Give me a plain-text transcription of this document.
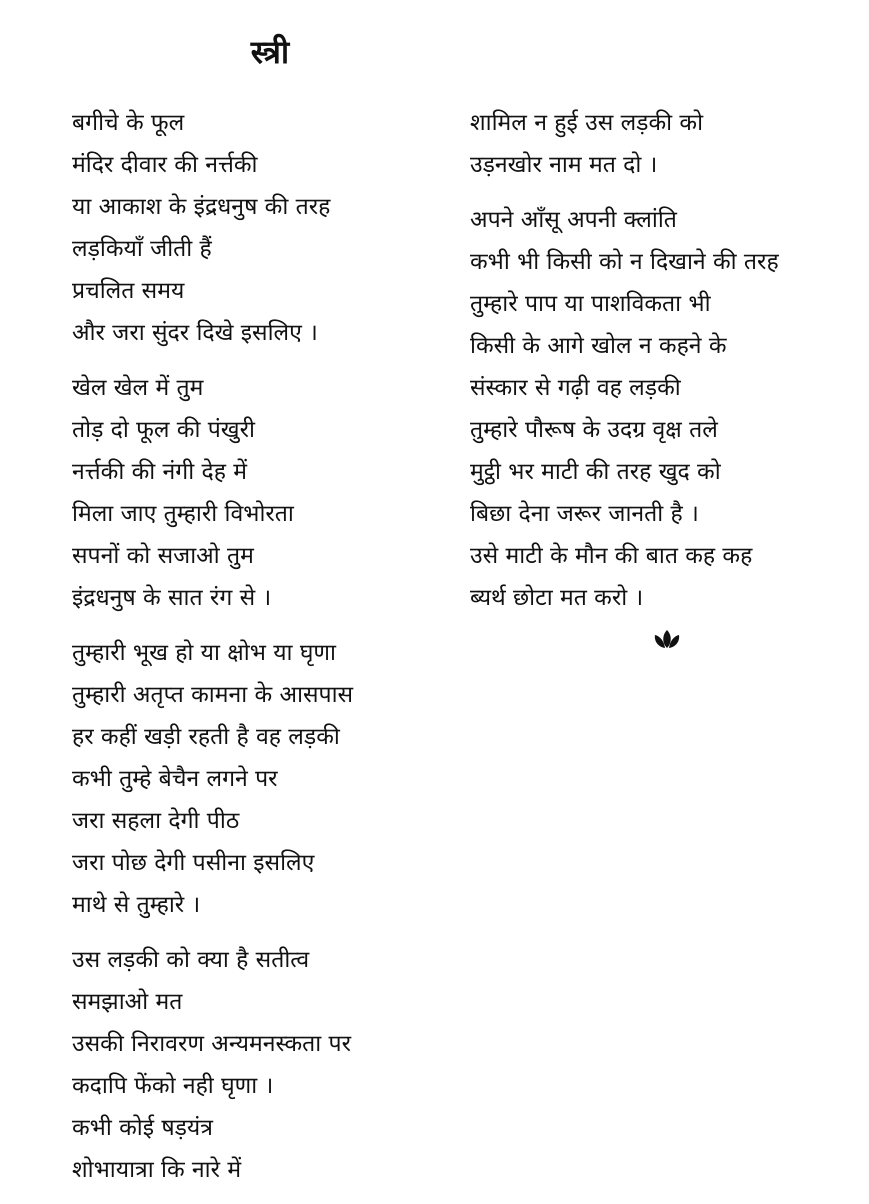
स्त्री
बगीचे के फूल
मंदिर दीवार की नर्त्तकी
या आकाश के इंद्रधनुष की तरह
लड़कियाँ जीती हैं
प्रचलित समय
और जरा सुंदर दिखे इसलिए ।
खेल खेल में तुम
तोड़ दो फूल की पंखुरी
नर्त्तकी की नंगी देह में
मिला जाए तुम्हारी विभोरता
सपनों को सजाओ तुम
इंद्रधनुष के सात रंग से ।
तुम्हारी भूख हो या क्षोभ या घृणा
तुम्हारी अतृप्त कामना के आसपास
हर कहीं खड़ी रहती है वह लड़की
कभी तुम्हे बेचैन लगने पर
जरा सहला देगी पीठ
जरा पोछ देगी पसीना इसलिए
माथे से तुम्हारे ।
उस लड़की को क्या है सतीत्व
समझाओ मत
उसकी निरावरण अन्यमनस्कता पर
कदापि फेंको नही घृणा ।
कभी कोई षड़यंत्र
शोभायात्रा कि नारे में
शामिल न हुई उस लड़की को
उड़नखोर नाम मत दो ।
अपने आँसू अपनी क्लांति
कभी भी किसी को न दिखाने की तरह
तुम्हारे पाप या पाशविकता भी
किसी के आगे खोल न कहने के
संस्कार से गढ़ी वह लड़की
तुम्हारे पौरूष के उदग्र वृक्ष तले
मुट्ठी भर माटी की तरह खुद को
बिछा देना जरूर जानती है ।
उसे माटी के मौन की बात कह कह
ब्यर्थ छोटा मत करो ।
